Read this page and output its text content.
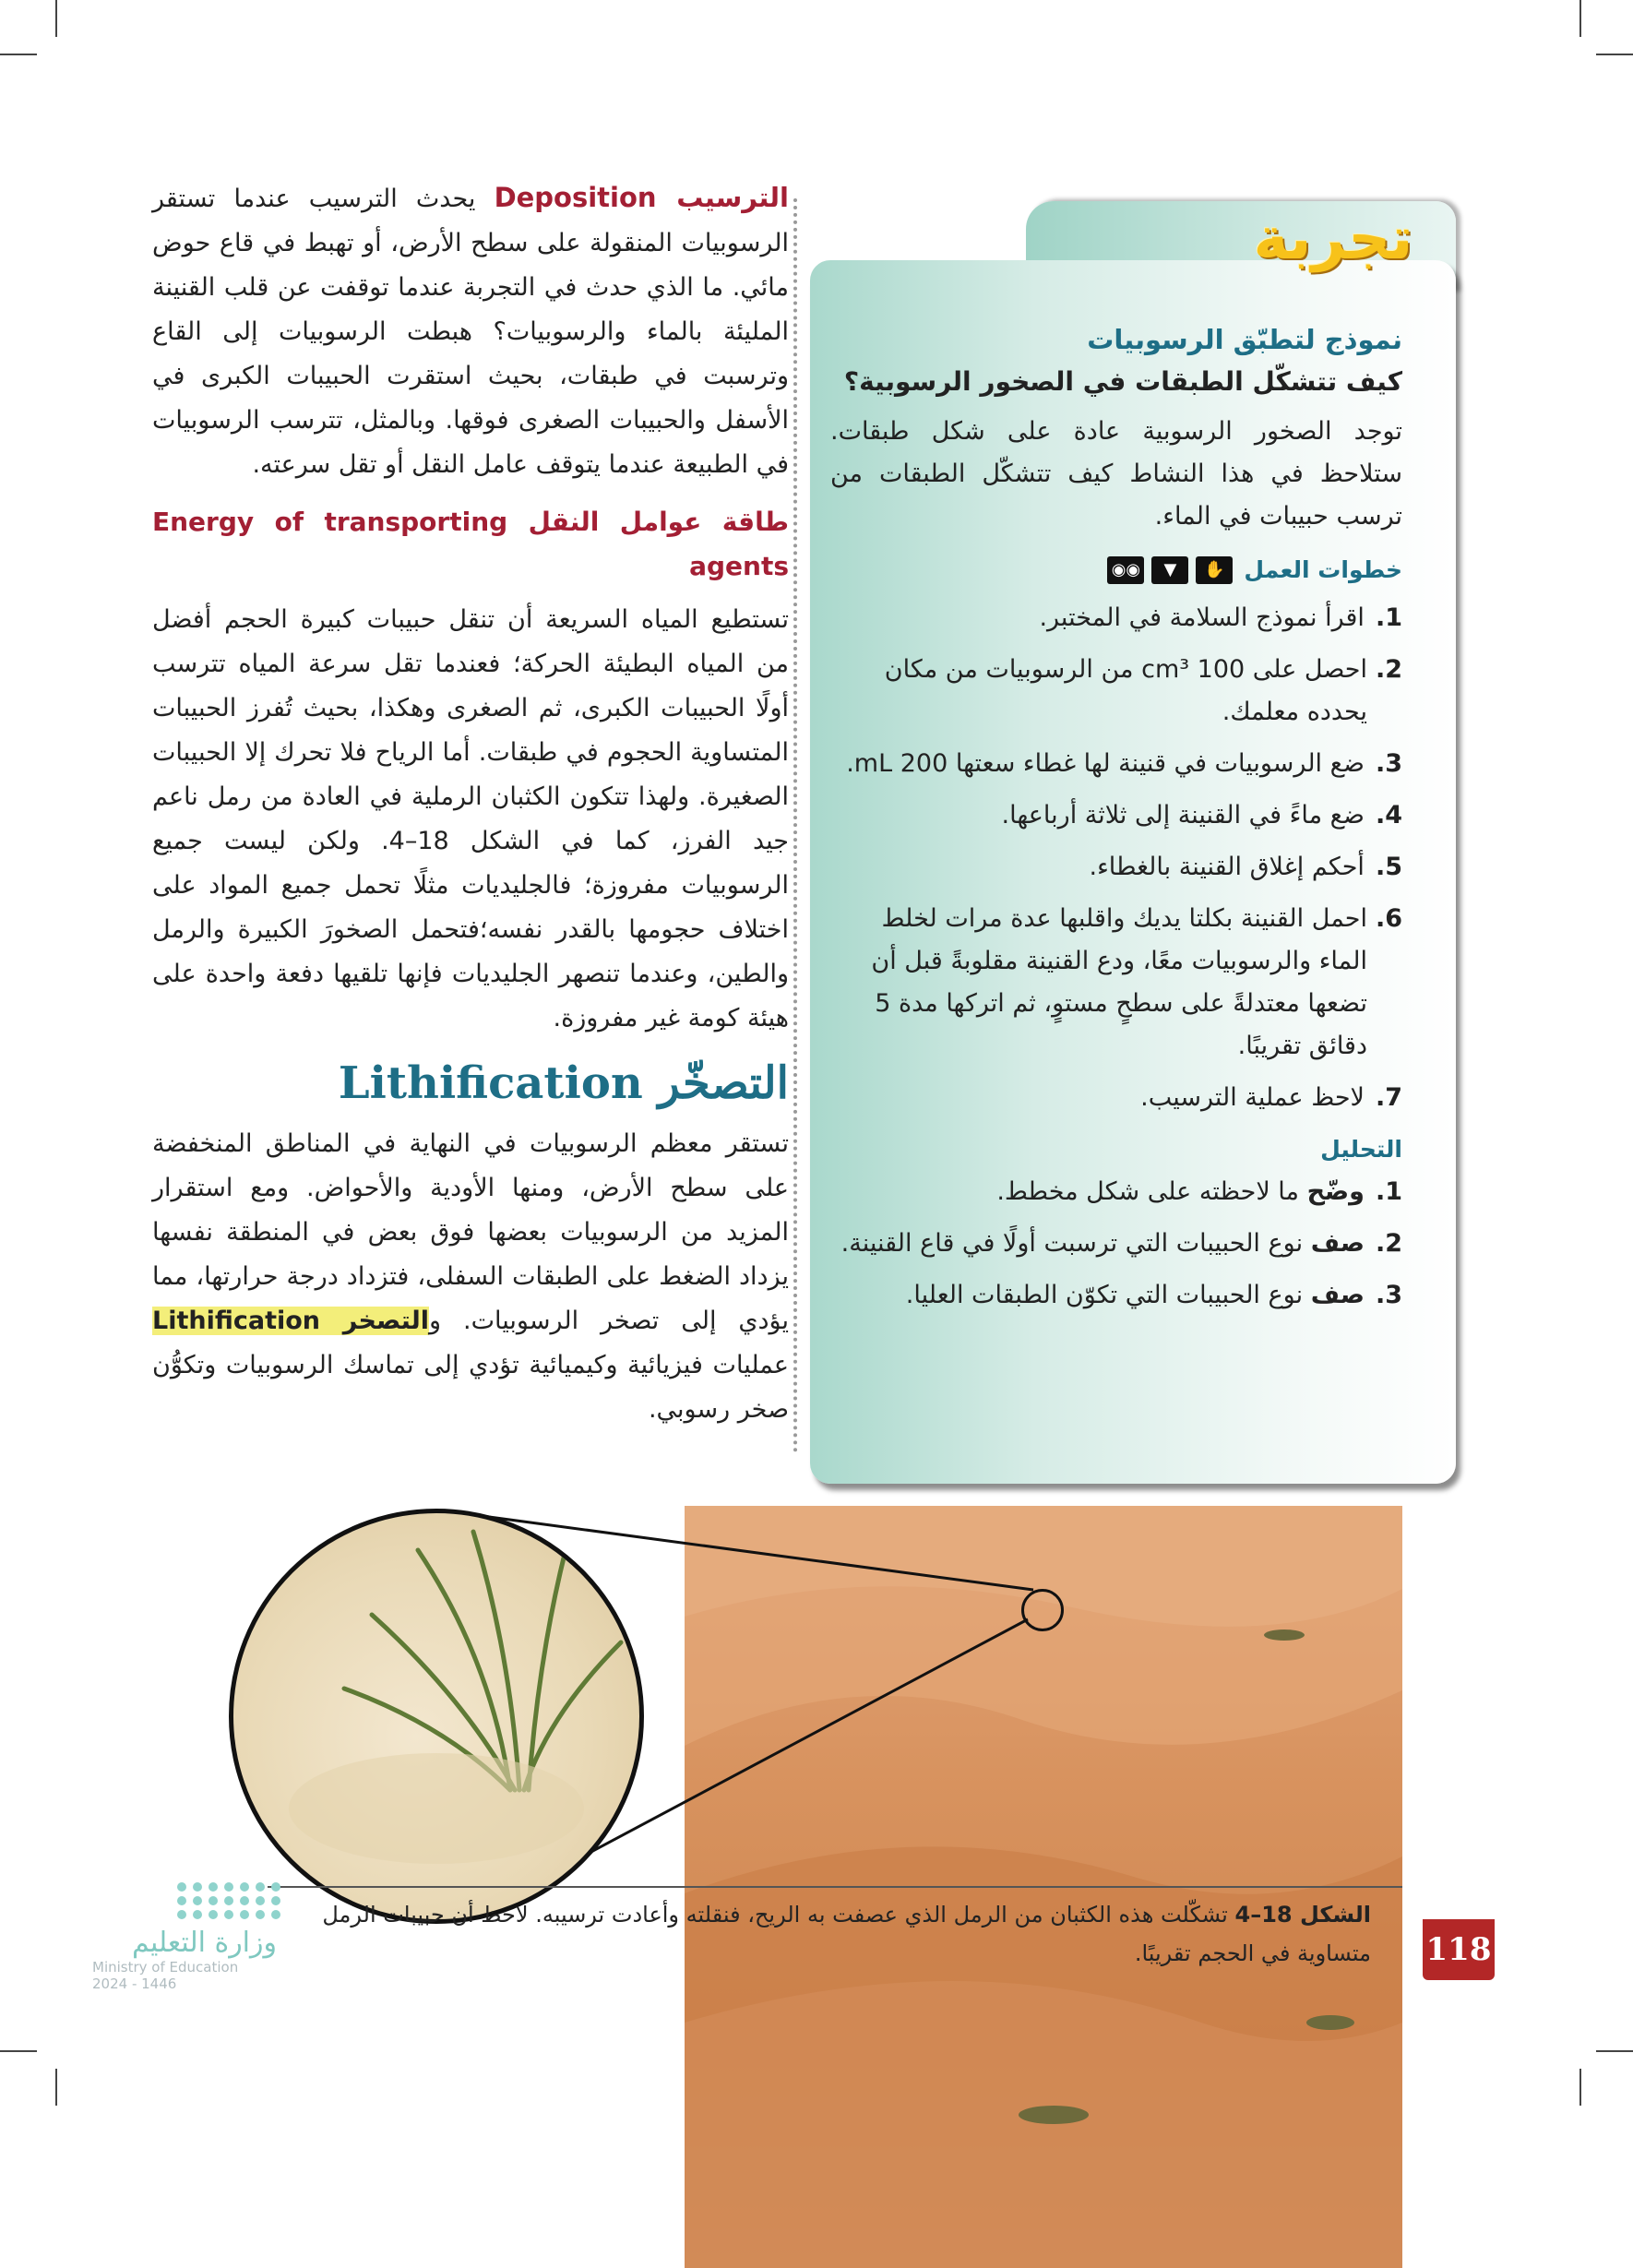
الترسيب Deposition يحدث الترسيب عندما تستقر الرسوبيات المنقولة على سطح الأرض، أو تهبط في قاع حوض مائي. ما الذي حدث في التجربة عندما توقفت عن قلب القنينة المليئة بالماء والرسوبيات؟ هبطت الرسوبيات إلى القاع وترسبت في طبقات، بحيث استقرت الحبيبات الكبرى في الأسفل والحبيبات الصغرى فوقها. وبالمثل، تترسب الرسوبيات في الطبيعة عندما يتوقف عامل النقل أو تقل سرعته.

طاقة عوامل النقل Energy of transporting agents

تستطيع المياه السريعة أن تنقل حبيبات كبيرة الحجم أفضل من المياه البطيئة الحركة؛ فعندما تقل سرعة المياه تترسب أولًا الحبيبات الكبرى، ثم الصغرى وهكذا، بحيث تُفرز الحبيبات المتساوية الحجوم في طبقات. أما الرياح فلا تحرك إلا الحبيبات الصغيرة. ولهذا تتكون الكثبان الرملية في العادة من رمل ناعم جيد الفرز، كما في الشكل 18–4. ولكن ليست جميع الرسوبيات مفروزة؛ فالجليديات مثلًا تحمل جميع المواد على اختلاف حجومها بالقدر نفسه؛فتحمل الصخورَ الكبيرة والرمل والطين، وعندما تنصهر الجليديات فإنها تلقيها دفعة واحدة على هيئة كومة غير مفروزة.

التصخّر Lithification

تستقر معظم الرسوبيات في النهاية في المناطق المنخفضة على سطح الأرض، ومنها الأودية والأحواض. ومع استقرار المزيد من الرسوبيات بعضها فوق بعض في المنطقة نفسها يزداد الضغط على الطبقات السفلى، فتزداد درجة حرارتها، مما يؤدي إلى تصخر الرسوبيات. والتصخر Lithification عمليات فيزيائية وكيميائية تؤدي إلى تماسك الرسوبيات وتكوُّن صخر رسوبي.

تجربة
نموذج لتطبّق الرسوبيات
كيف تتشكّل الطبقات في الصخور الرسوبية؟
توجد الصخور الرسوبية عادة على شكل طبقات. ستلاحظ في هذا النشاط كيف تتشكّل الطبقات من ترسب حبيبات في الماء.
خطوات العمل
◉◉	▼	✋
1.
اقرأ نموذج السلامة في المختبر.
2.
احصل على 100 cm³ من الرسوبيات من مكان يحدده معلمك.
3.
ضع الرسوبيات في قنينة لها غطاء سعتها 200 mL.
4.
ضع ماءً في القنينة إلى ثلاثة أرباعها.
5.
أحكم إغلاق القنينة بالغطاء.
6.
احمل القنينة بكلتا يديك واقلبها عدة مرات لخلط الماء والرسوبيات معًا، ودع القنينة مقلوبةً قبل أن تضعها معتدلةً على سطحٍ مستوٍ، ثم اتركها مدة 5 دقائق تقريبًا.
7.
لاحظ عملية الترسيب.
التحليل
1.
وضّح ما لاحظته على شكل مخطط.
2.
صف نوع الحبيبات التي ترسبت أولًا في قاع القنينة.
3.
صف نوع الحبيبات التي تكوّن الطبقات العليا.
الشكل 18–4 تشكّلت هذه الكثبان من الرمل الذي عصفت به الريح، فنقلته وأعادت ترسيبه. لاحظ أن حبيبات الرمل متساوية في الحجم تقريبًا. 118
وزارة التعليم
Ministry of Education
2024 - 1446
